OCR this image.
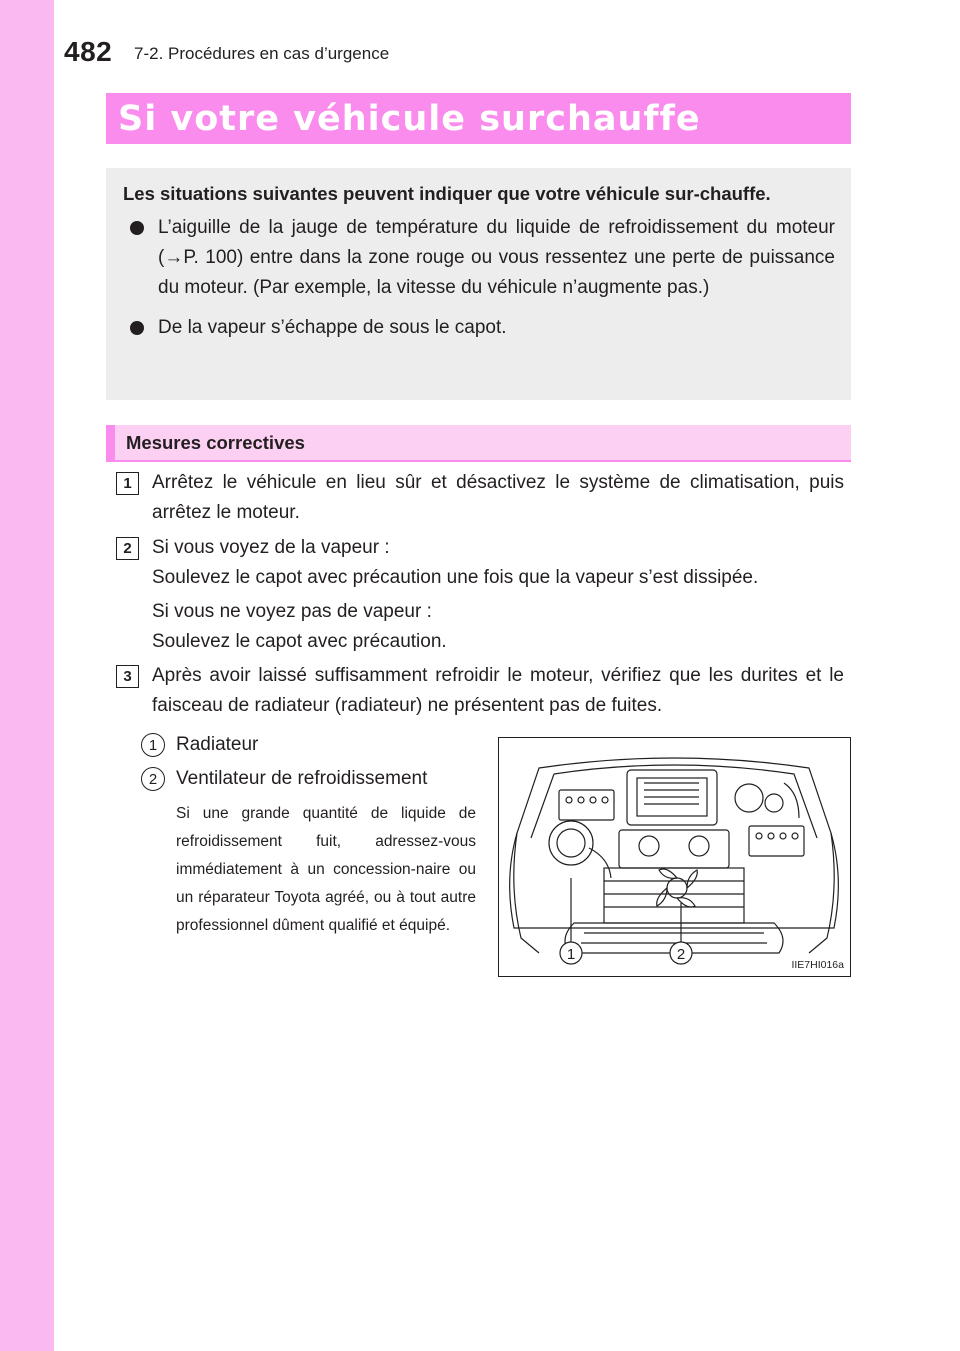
482 7-2. Procédures en cas d’urgence
Si votre véhicule surchauffe

Les situations suivantes peuvent indiquer que votre véhicule sur-chauffe.

L’aiguille de la jauge de température du liquide de refroidissement du moteur (→P. 100) entre dans la zone rouge ou vous ressentez une perte de puissance du moteur. (Par exemple, la vitesse du véhicule n’augmente pas.)
De la vapeur s’échappe de sous le capot.
Mesures correctives
1	Arrêtez le véhicule en lieu sûr et désactivez le système de climatisation, puis arrêtez le moteur.
2	Si vous voyez de la vapeur :
Soulevez le capot avec précaution une fois que la vapeur s’est dissipée.
Si vous ne voyez pas de vapeur :
Soulevez le capot avec précaution.
3	Après avoir laissé suffisamment refroidir le moteur, vérifiez que les durites et le faisceau de radiateur (radiateur) ne présentent pas de fuites.
1 Radiateur
2 Ventilateur de refroidissement
Si une grande quantité de liquide de refroidissement fuit, adressez-vous immédiatement à un concession-naire ou un réparateur Toyota agréé, ou à tout autre professionnel dûment qualifié et équipé.
1	2
IIE7HI016a
